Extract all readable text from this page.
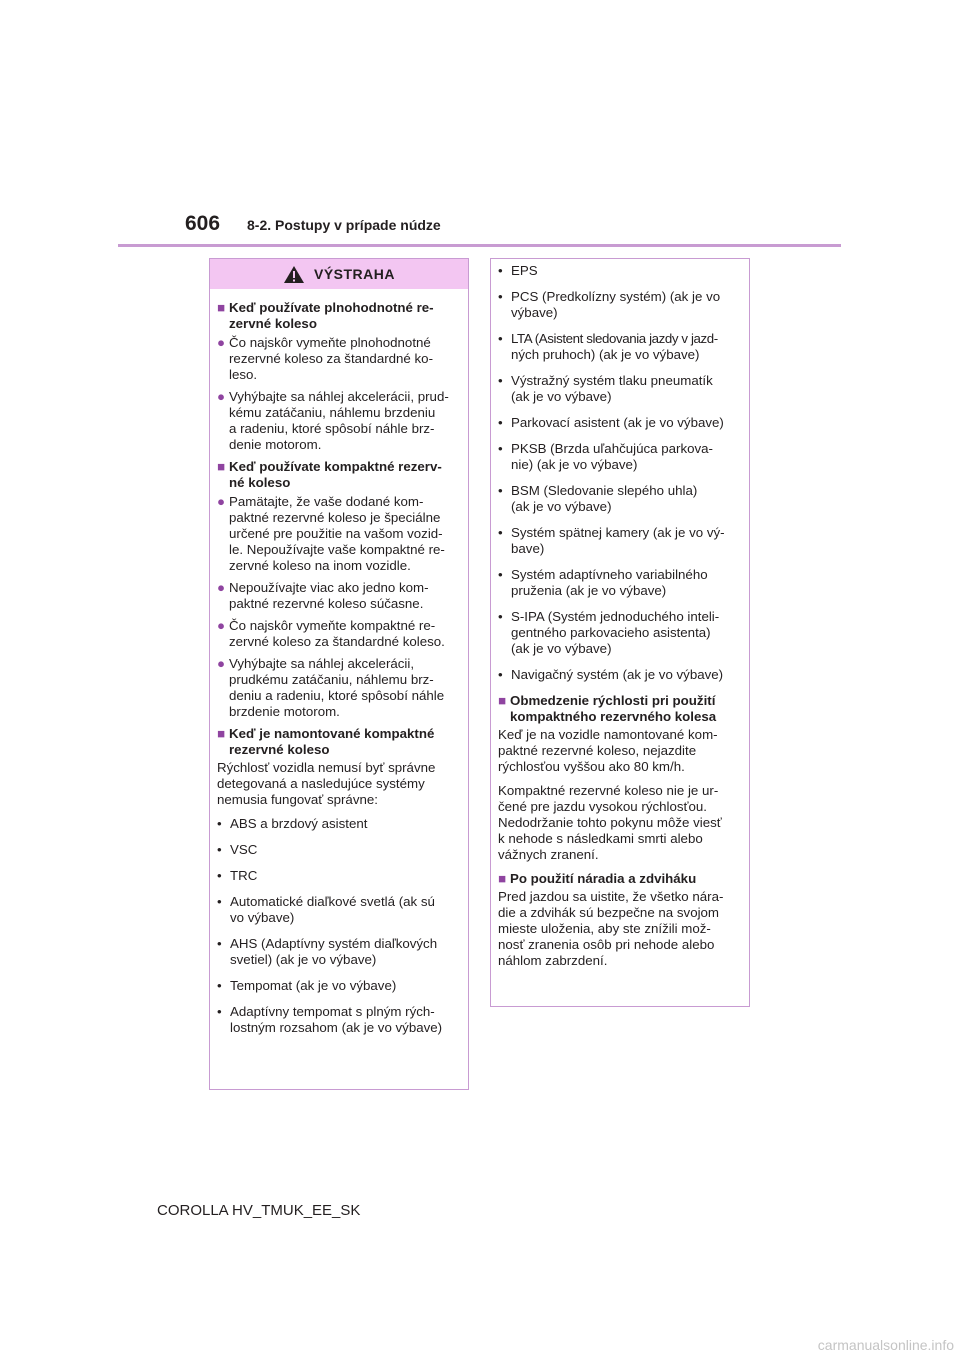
606 8-2. Postupy v prípade núdze
VÝSTRAHA
■ Keď používate plnohodnotné re-
zervné koleso
● Čo najskôr vymeňte plnohodnotné
rezervné koleso za štandardné ko-
leso.
● Vyhýbajte sa náhlej akcelerácii, prud-
kému zatáčaniu, náhlemu brzdeniu
a radeniu, ktoré spôsobí náhle brz-
denie motorom.
■ Keď používate kompaktné rezerv-
né koleso
● Pamätajte, že vaše dodané kom-
paktné rezervné koleso je špeciálne
určené pre použitie na vašom vozid-
le. Nepoužívajte vaše kompaktné re-
zervné koleso na inom vozidle.
● Nepoužívajte viac ako jedno kom-
paktné rezervné koleso súčasne.
● Čo najskôr vymeňte kompaktné re-
zervné koleso za štandardné koleso.
● Vyhýbajte sa náhlej akcelerácii,
prudkému zatáčaniu, náhlemu brz-
deniu a radeniu, ktoré spôsobí náhle
brzdenie motorom.
■ Keď je namontované kompaktné
rezervné koleso
Rýchlosť vozidla nemusí byť správne
detegovaná a nasledujúce systémy
nemusia fungovať správne:
• ABS a brzdový asistent
• VSC
• TRC
• Automatické diaľkové svetlá (ak sú
vo výbave)
• AHS (Adaptívny systém diaľkových
svetiel) (ak je vo výbave)
• Tempomat (ak je vo výbave)
• Adaptívny tempomat s plným rých-
lostným rozsahom (ak je vo výbave)
• EPS
• PCS (Predkolízny systém) (ak je vo
výbave)
• LTA (Asistent sledovania jazdy v jazd-
ných pruhoch) (ak je vo výbave)
• Výstražný systém tlaku pneumatík
(ak je vo výbave)
• Parkovací asistent (ak je vo výbave)
• PKSB (Brzda uľahčujúca parkova-
nie) (ak je vo výbave)
• BSM (Sledovanie slepého uhla)
(ak je vo výbave)
• Systém spätnej kamery (ak je vo vý-
bave)
• Systém adaptívneho variabilného
pruženia (ak je vo výbave)
• S-IPA (Systém jednoduchého inteli-
gentného parkovacieho asistenta)
(ak je vo výbave)
• Navigačný systém (ak je vo výbave)
■ Obmedzenie rýchlosti pri použití
kompaktného rezervného kolesa
Keď je na vozidle namontované kom-
paktné rezervné koleso, nejazdite
rýchlosťou vyššou ako 80 km/h.
Kompaktné rezervné koleso nie je ur-
čené pre jazdu vysokou rýchlosťou.
Nedodržanie tohto pokynu môže viesť
k nehode s následkami smrti alebo
vážnych zranení.
■ Po použití náradia a zdviháku
Pred jazdou sa uistite, že všetko nára-
die a zdvihák sú bezpečne na svojom
mieste uloženia, aby ste znížili mož-
nosť zranenia osôb pri nehode alebo
náhlom zabrzdení.
COROLLA HV_TMUK_EE_SK
carmanualsonline.info
